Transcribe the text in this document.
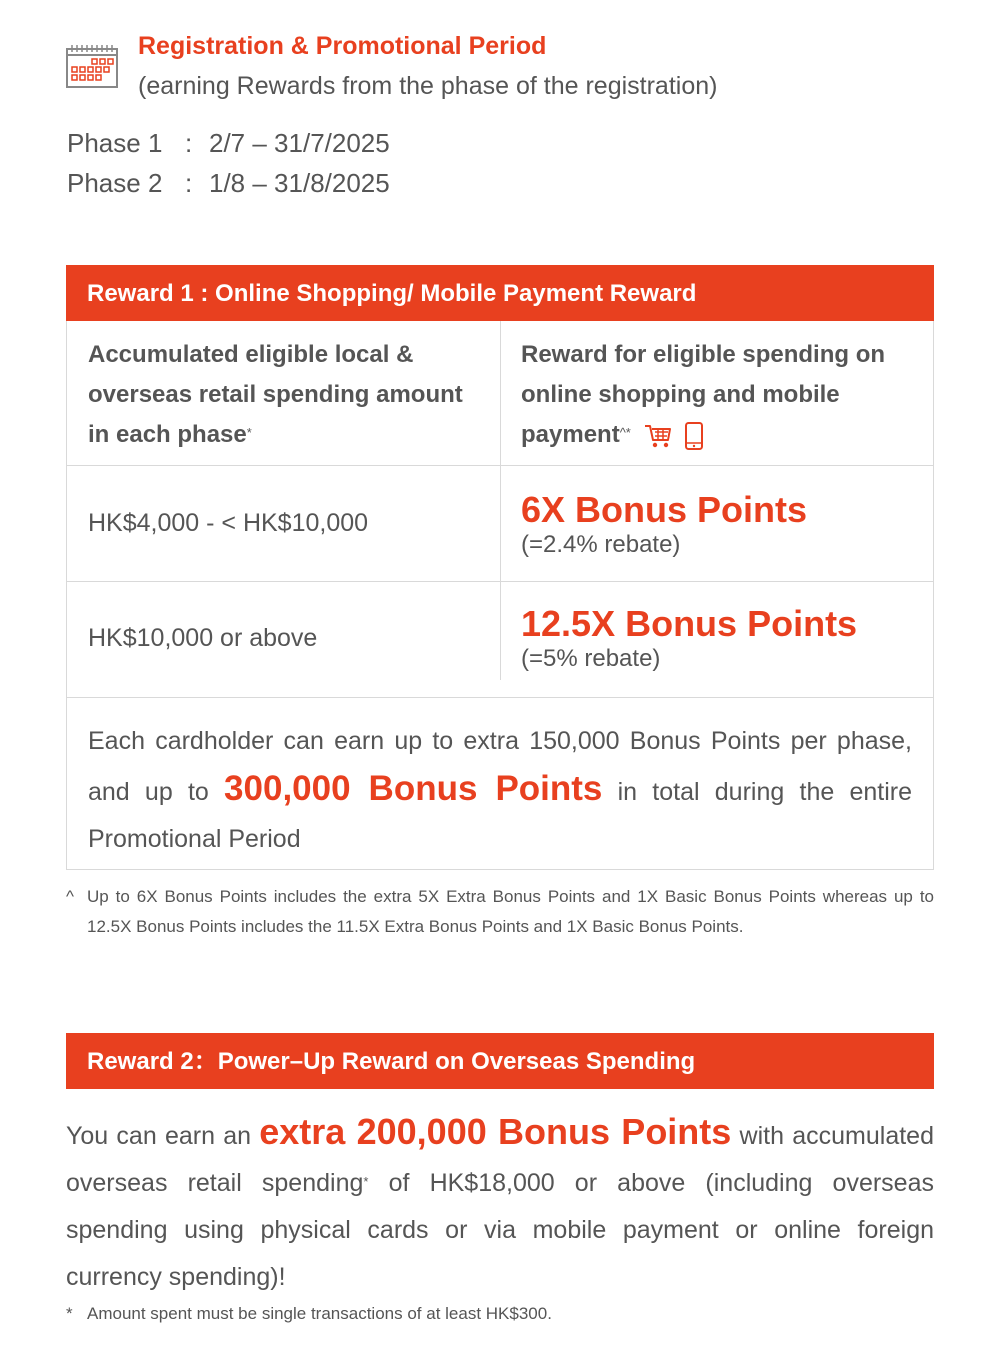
Registration & Promotional Period
(earning Rewards from the phase of the registration)
Phase 1 : 2/7 – 31/7/2025
Phase 2 : 1/8 – 31/8/2025
Reward 1 : Online Shopping/ Mobile Payment Reward
Accumulated eligible local & overseas retail spending amount in each phase*
Reward for eligible spending on online shopping and mobile payment^*
HK$4,000 - < HK$10,000	6X Bonus Points
(=2.4% rebate)
HK$10,000 or above	12.5X Bonus Points
(=5% rebate)
Each cardholder can earn up to extra 150,000 Bonus Points per phase, and up to 300,000 Bonus Points in total during the entire Promotional Period
^ Up to 6X Bonus Points includes the extra 5X Extra Bonus Points and 1X Basic Bonus Points whereas up to 12.5X Bonus Points includes the 11.5X Extra Bonus Points and 1X Basic Bonus Points.
Reward 2：Power–Up Reward on Overseas Spending
You can earn an extra 200,000 Bonus Points with accumulated overseas retail spending* of HK$18,000 or above (including overseas spending using physical cards or via mobile payment or online foreign currency spending)!
* Amount spent must be single transactions of at least HK$300.
